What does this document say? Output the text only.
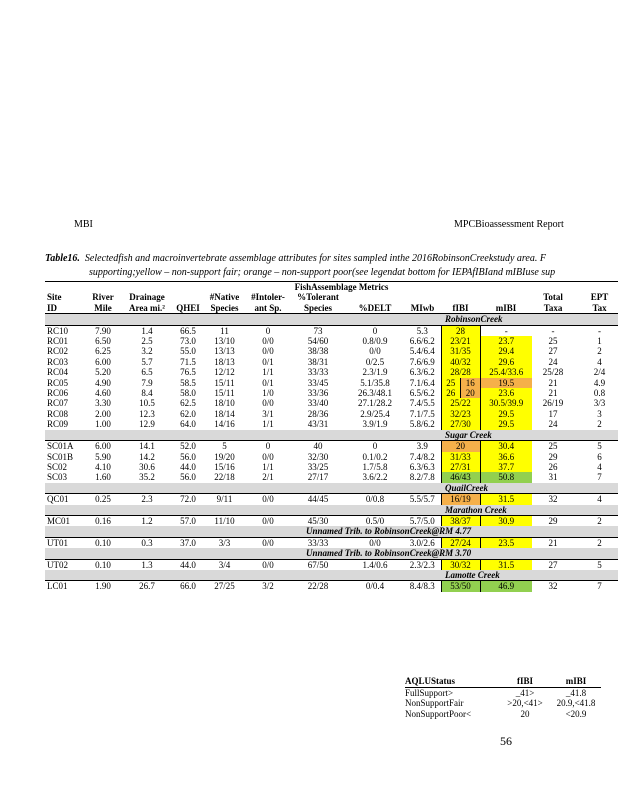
MBI	MPCBioassessment Report
Table16. Selectedfish and macroinvertebrate assemblage attributes for sites sampled inthe 2016RobinsonCreekstudy area. F
supporting;yellow – non-support fair; orange – non-support poor(see legendat bottom for IEPAfIBIand mIBIuse sup
				FishAssemblage Metrics								
Site	River	Drainage		#Native	#Intoler-	%Tolerant					Total	EPT
ID	Mile	Area mi.²	QHEI	Species	ant Sp.	Species	%DELT	MIwb	fIBI	mIBI	Taxa	Tax
									RobinsonCreek			
RC10	7.90	1.4	66.5	11	0	73	0	5.3	28	-	-	-
RC01	6.50	2.5	73.0	13/10	0/0	54/60	0.8/0.9	6.6/6.2	23/21	23.7	25	1
RC02	6.25	3.2	55.0	13/13	0/0	38/38	0/0	5.4/6.4	31/35	29.4	27	2
RC03	6.00	5.7	71.5	18/13	0/1	38/31	0/2.5	7.6/6.9	40/32	29.6	24	4
RC04	5.20	6.5	76.5	12/12	1/1	33/33	2.3/1.9	6.3/6.2	28/28	25.4/33.6	25/28	2/4
RC05	4.90	7.9	58.5	15/11	0/1	33/45	5.1/35.8	7.1/6.4	25 16	19.5	21	4.9
RC06	4.60	8.4	58.0	15/11	1/0	33/36	26.3/48.1	6.5/6.2	26 20	23.6	21	0.8
RC07	3.30	10.5	62.5	18/10	0/0	33/40	27.1/28.2	7.4/5.5	25/22	30.5/39.9	26/19	3/3
RC08	2.00	12.3	62.0	18/14	3/1	28/36	2.9/25.4	7.1/7.5	32/23	29.5	17	3
RC09	1.00	12.9	64.0	14/16	1/1	43/31	3.9/1.9	5.8/6.2	27/30	29.5	24	2
									Sugar Creek			
SC01A	6.00	14.1	52.0	5	0	40	0	3.9	20	30.4	25	5
SC01B	5.90	14.2	56.0	19/20	0/0	32/30	0.1/0.2	7.4/8.2	31/33	36.6	29	6
SC02	4.10	30.6	44.0	15/16	1/1	33/25	1.7/5.8	6.3/6.3	27/31	37.7	26	4
SC03	1.60	35.2	56.0	22/18	2/1	27/17	3.6/2.2	8.2/7.8	46/43	50.8	31	7
									QuailCreek			
QC01	0.25	2.3	72.0	9/11	0/0	44/45	0/0.8	5.5/5.7	16/19	31.5	32	4
									Marathon Creek			
MC01	0.16	1.2	57.0	11/10	0/0	45/30	0.5/0	5.7/5.0	38/37	30.9	29	2
						Unnamed Trib. to RobinsonCreek@RM 4.77						
UT01	0.10	0.3	37.0	3/3	0/0	33/33	0/0	3.0/2.6	27/24	23.5	21	2
						Unnamed Trib. to RobinsonCreek@RM 3.70						
UT02	0.10	1.3	44.0	3/4	0/0	67/50	1.4/0.6	2.3/2.3	30/32	31.5	27	5
									Lamotte Creek			
LC01	1.90	26.7	66.0	27/25	3/2	22/28	0/0.4	8.4/8.3	53/50	46.9	32	7
AQLUStatus	fIBI	mIBI
FullSupport>	_41>	_41.8
NonSupportFair	>20,<41>	20.9,<41.8
NonSupportPoor<	20	<20.9
56
